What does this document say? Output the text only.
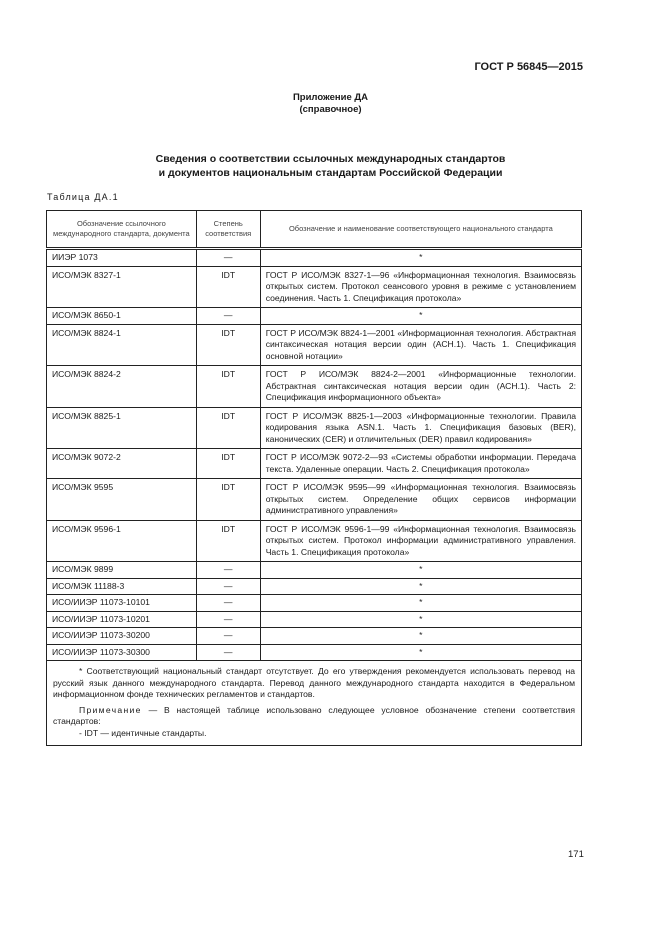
ГОСТ Р 56845—2015
Приложение ДА
(справочное)
Сведения о соответствии ссылочных международных стандартов
и документов национальным стандартам Российской Федерации
Таблица ДА.1
Обозначение ссылочного международного стандарта, документа	Степень соответствия	Обозначение и наименование соответствующего национального стандарта
ИИЭР 1073	—	*
ИСО/МЭК 8327-1	IDT	ГОСТ Р ИСО/МЭК 8327-1—96 «Информационная технология. Взаимосвязь открытых систем. Протокол сеансового уровня в режиме с установлением соединения. Часть 1. Спецификация протокола»
ИСО/МЭК 8650-1	—	*
ИСО/МЭК 8824-1	IDT	ГОСТ Р ИСО/МЭК 8824-1—2001 «Информационная технология. Абстрактная синтаксическая нотация версии один (АСН.1). Часть 1. Спецификация основной нотации»
ИСО/МЭК 8824-2	IDT	ГОСТ Р ИСО/МЭК 8824-2—2001 «Информационные технологии. Абстрактная синтаксическая нотация версии один (АСН.1). Часть 2: Спецификация информационного объекта»
ИСО/МЭК 8825-1	IDT	ГОСТ Р ИСО/МЭК 8825-1—2003 «Информационные технологии. Правила кодирования языка ASN.1. Часть 1. Спецификация базовых (BER), канонических (CER) и отличительных (DER) правил кодирования»
ИСО/МЭК 9072-2	IDT	ГОСТ Р ИСО/МЭК 9072-2—93 «Системы обработки информации. Передача текста. Удаленные операции. Часть 2. Спецификация протокола»
ИСО/МЭК 9595	IDT	ГОСТ Р ИСО/МЭК 9595—99 «Информационная технология. Взаимосвязь открытых систем. Определение общих сервисов информации административного управления»
ИСО/МЭК 9596-1	IDT	ГОСТ Р ИСО/МЭК 9596-1—99 «Информационная технология. Взаимосвязь открытых систем. Протокол информации административного управления. Часть 1. Спецификация протокола»
ИСО/МЭК 9899	—	*
ИСО/МЭК 11188-3	—	*
ИСО/ИИЭР 11073-10101	—	*
ИСО/ИИЭР 11073-10201	—	*
ИСО/ИИЭР 11073-30200	—	*
ИСО/ИИЭР 11073-30300	—	*

* Соответствующий национальный стандарт отсутствует. До его утверждения рекомендуется использовать перевод на русский язык данного международного стандарта. Перевод данного международного стандарта находится в Федеральном информационном фонде технических регламентов и стандартов.

Примечание — В настоящей таблице использовано следующее условное обозначение степени соответствия стандартов:

- IDT — идентичные стандарты.		

171
